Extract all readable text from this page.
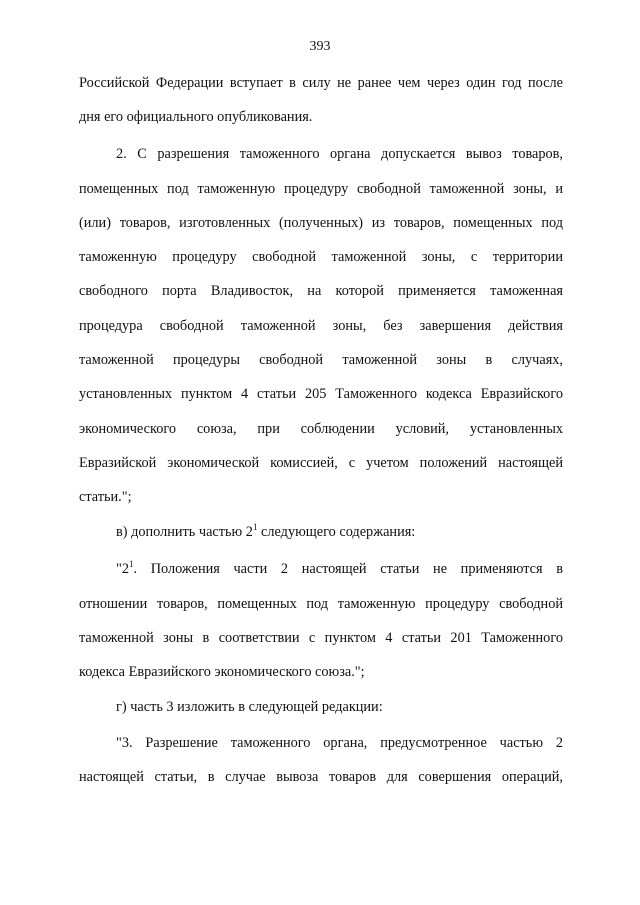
393
Российской Федерации вступает в силу не ранее чем через один год после
дня его официального опубликования.
2. С разрешения таможенного органа допускается вывоз товаров,
помещенных под таможенную процедуру свободной таможенной зоны, и
(или) товаров, изготовленных (полученных) из товаров, помещенных под
таможенную процедуру свободной таможенной зоны, с территории
свободного порта Владивосток, на которой применяется таможенная
процедура свободной таможенной зоны, без завершения действия
таможенной процедуры свободной таможенной зоны в случаях,
установленных пунктом 4 статьи 205 Таможенного кодекса Евразийского
экономического союза, при соблюдении условий, установленных
Евразийской экономической комиссией, с учетом положений настоящей
статьи.";
в) дополнить частью $2^1$ следующего содержания:
"$2^1$. Положения части 2 настоящей статьи не применяются в
отношении товаров, помещенных под таможенную процедуру свободной
таможенной зоны в соответствии с пунктом 4 статьи 201 Таможенного
кодекса Евразийского экономического союза.";
г) часть 3 изложить в следующей редакции:
"3. Разрешение таможенного органа, предусмотренное частью 2
настоящей статьи, в случае вывоза товаров для совершения операций,
